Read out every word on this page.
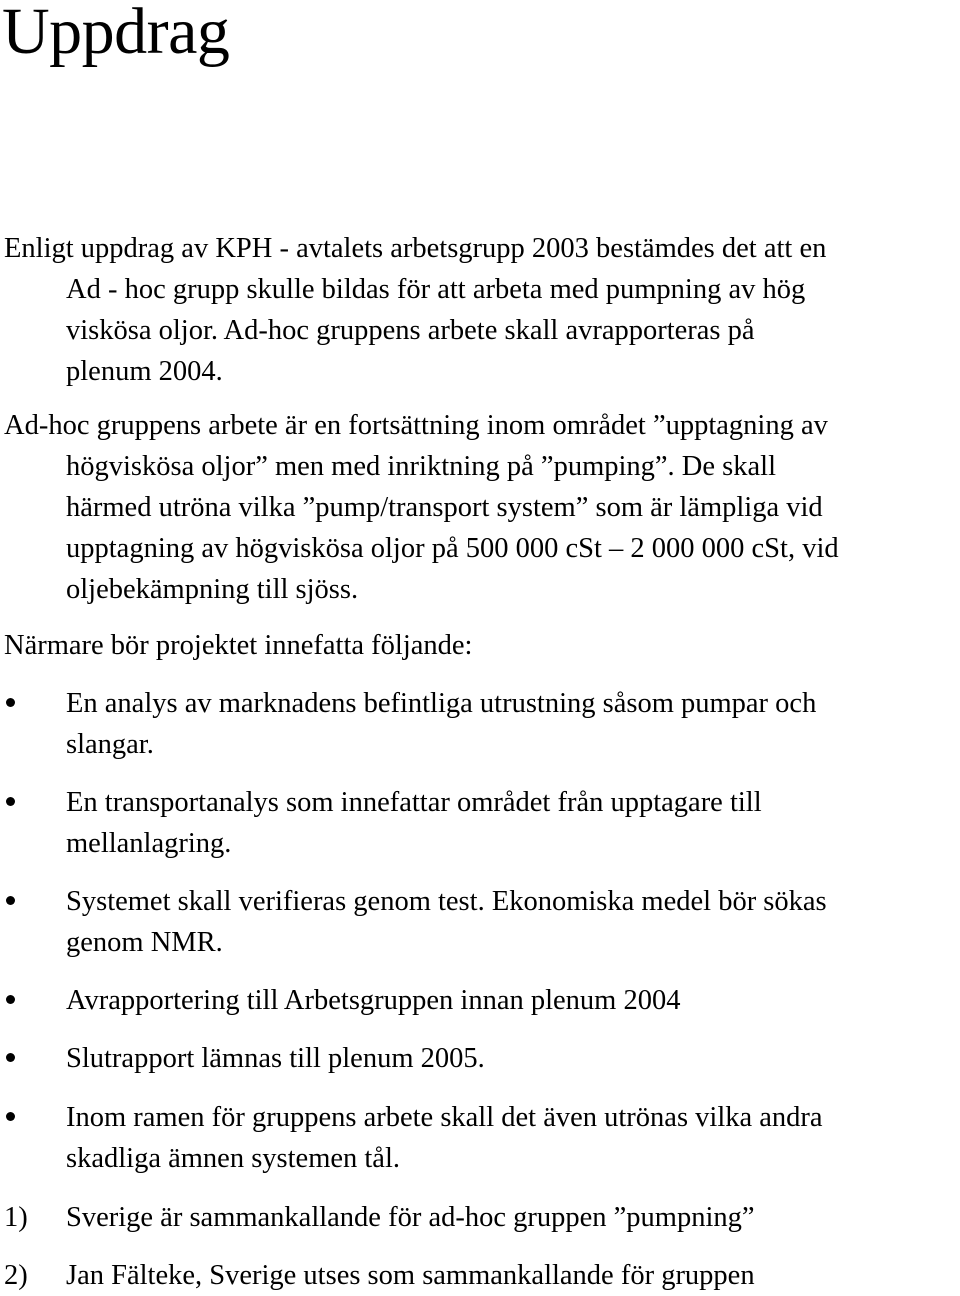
Uppdrag

Enligt uppdrag av KPH - avtalets arbetsgrupp 2003 bestämdes det att en
Ad - hoc grupp skulle bildas för att arbeta med pumpning av hög
viskösa oljor. Ad-hoc gruppens arbete skall avrapporteras på
plenum 2004.

Ad-hoc gruppens arbete är en fortsättning inom området ”upptagning av
högviskösa oljor” men med inriktning på ”pumping”. De skall
härmed utröna vilka ”pump/transport system” som är lämpliga vid
upptagning av högviskösa oljor på 500 000 cSt – 2 000 000 cSt, vid
oljebekämpning till sjöss.

Närmare bör projektet innefatta följande:

En analys av marknadens befintliga utrustning såsom pumpar och
slangar.
En transportanalys som innefattar området från upptagare till
mellanlagring.
Systemet skall verifieras genom test. Ekonomiska medel bör sökas
genom NMR.
Avrapportering till Arbetsgruppen innan plenum 2004
Slutrapport lämnas till plenum 2005.
Inom ramen för gruppens arbete skall det även utrönas vilka andra
skadliga ämnen systemen tål.
1) Sverige är sammankallande för ad-hoc gruppen ”pumpning”
2) Jan Fälteke, Sverige utses som sammankallande för gruppen
